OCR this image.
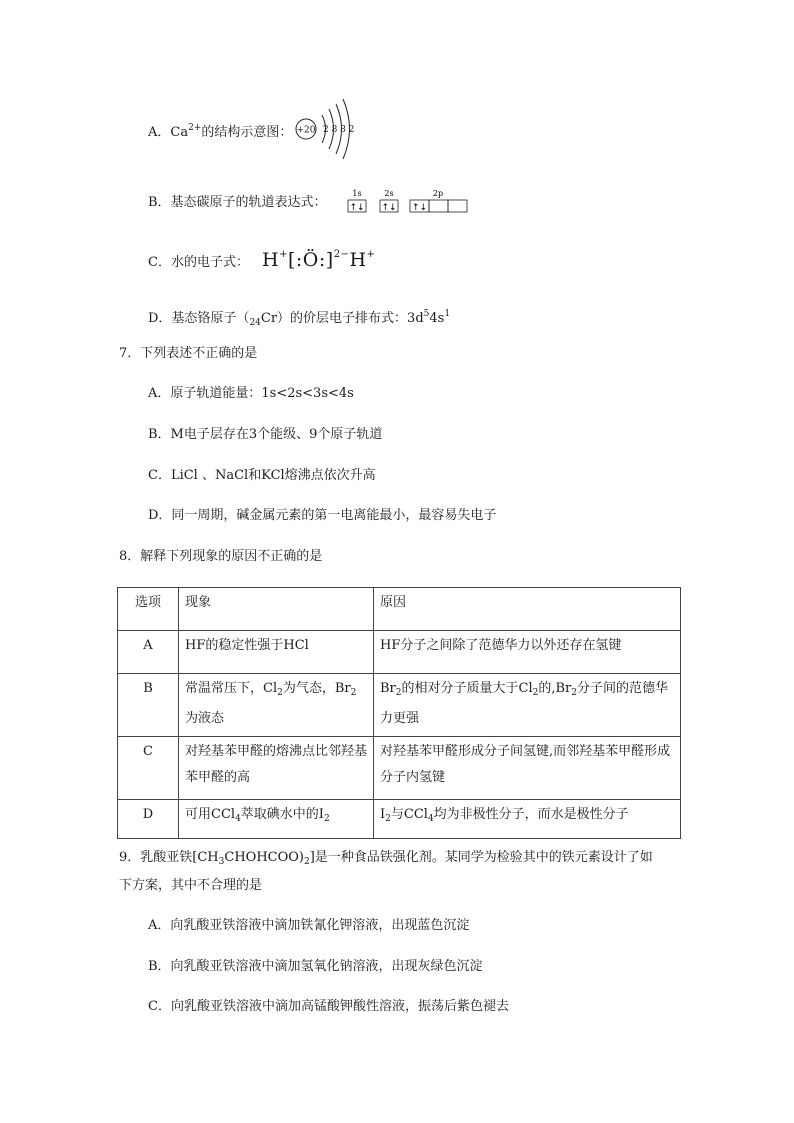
A．$Ca^{2+}$的结构示意图： +20 2 8 8 2
B．基态碳原子的轨道表达式：
1s	2s	2p
↑↓ ↑↓ ↑↓
C．水的电子式： H+[:Ö:]$^{2-}$H+
D．基态铬原子$(_{24}Cr)$的价层电子排布式：$3d^54s^1$
7．下列表述不正确的是
A．原子轨道能量：1s<2s<3s<4s
B．M电子层存在3个能级、9个原子轨道
C．LiCl 、NaCl和KCl熔沸点依次升高
D．同一周期，碱金属元素的第一电离能最小，最容易失电子
8．解释下列现象的原因不正确的是
选项	现象	原因
A	HF的稳定性强于HCl	HF分子之间除了范德华力以外还存在氢键
B	常温常压下，$Cl_2$为气态，$Br_2$
为液态	$Br_2$的相对分子质量大于$Cl_2$的$,Br_2$分子间的范德华力更强
C	对羟基苯甲醛的熔沸点比邻羟基苯甲醛的高	对羟基苯甲醛形成分子间氢键,而邻羟基苯甲醛形成分子内氢键
D	可用CCl$_4$萃取碘水中的$I_2$	$I_2$与CCl$_4$均为非极性分子，而水是极性分子
9．乳酸亚铁$[CH_3CHOHCOO)_2$]是一种食品铁强化剂。某同学为检验其中的铁元素设计了如
下方案，其中不合理的是
A．向乳酸亚铁溶液中滴加铁氰化钾溶液，出现蓝色沉淀
B．向乳酸亚铁溶液中滴加氢氧化钠溶液，出现灰绿色沉淀
C．向乳酸亚铁溶液中滴加高锰酸钾酸性溶液，振荡后紫色褪去
